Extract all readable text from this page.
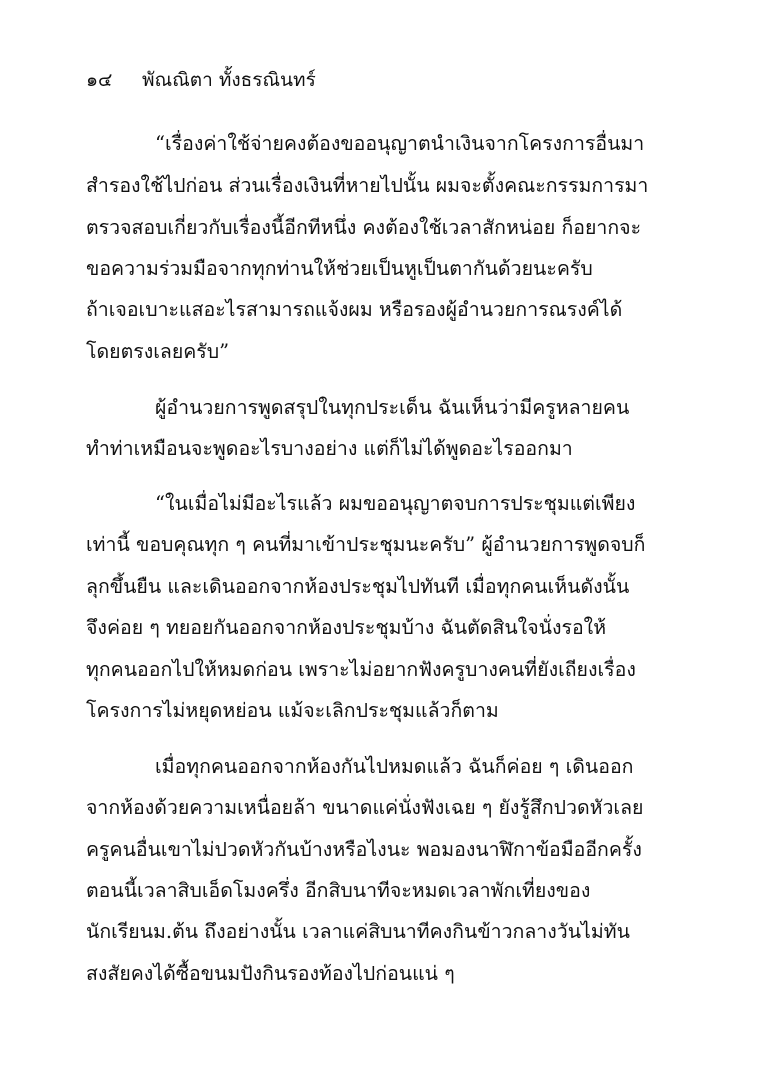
๑๔ พัณณิตา ทั้งธรณินทร์
“เรื่องค่าใช้จ่ายคงต้องขออนุญาตนำเงินจากโครงการอื่นมา
สำรองใช้ไปก่อน ส่วนเรื่องเงินที่หายไปนั้น ผมจะตั้งคณะกรรมการมา
ตรวจสอบเกี่ยวกับเรื่องนี้อีกทีหนึ่ง คงต้องใช้เวลาสักหน่อย ก็อยากจะ
ขอความร่วมมือจากทุกท่านให้ช่วยเป็นหูเป็นตากันด้วยนะครับ
ถ้าเจอเบาะแสอะไรสามารถแจ้งผม หรือรองผู้อำนวยการณรงค์ได้
โดยตรงเลยครับ”
ผู้อำนวยการพูดสรุปในทุกประเด็น ฉันเห็นว่ามีครูหลายคน
ทำท่าเหมือนจะพูดอะไรบางอย่าง แต่ก็ไม่ได้พูดอะไรออกมา
“ในเมื่อไม่มีอะไรแล้ว ผมขออนุญาตจบการประชุมแต่เพียง
เท่านี้ ขอบคุณทุก ๆ คนที่มาเข้าประชุมนะครับ” ผู้อำนวยการพูดจบก็
ลุกขึ้นยืน และเดินออกจากห้องประชุมไปทันที เมื่อทุกคนเห็นดังนั้น
จึงค่อย ๆ ทยอยกันออกจากห้องประชุมบ้าง ฉันตัดสินใจนั่งรอให้
ทุกคนออกไปให้หมดก่อน เพราะไม่อยากฟังครูบางคนที่ยังเถียงเรื่อง
โครงการไม่หยุดหย่อน แม้จะเลิกประชุมแล้วก็ตาม
เมื่อทุกคนออกจากห้องกันไปหมดแล้ว ฉันก็ค่อย ๆ เดินออก
จากห้องด้วยความเหนื่อยล้า ขนาดแค่นั่งฟังเฉย ๆ ยังรู้สึกปวดหัวเลย
ครูคนอื่นเขาไม่ปวดหัวกันบ้างหรือไงนะ พอมองนาฬิกาข้อมืออีกครั้ง
ตอนนี้เวลาสิบเอ็ดโมงครึ่ง อีกสิบนาทีจะหมดเวลาพักเที่ยงของ
นักเรียนม.ต้น ถึงอย่างนั้น เวลาแค่สิบนาทีคงกินข้าวกลางวันไม่ทัน
สงสัยคงได้ซื้อขนมปังกินรองท้องไปก่อนแน่ ๆ
